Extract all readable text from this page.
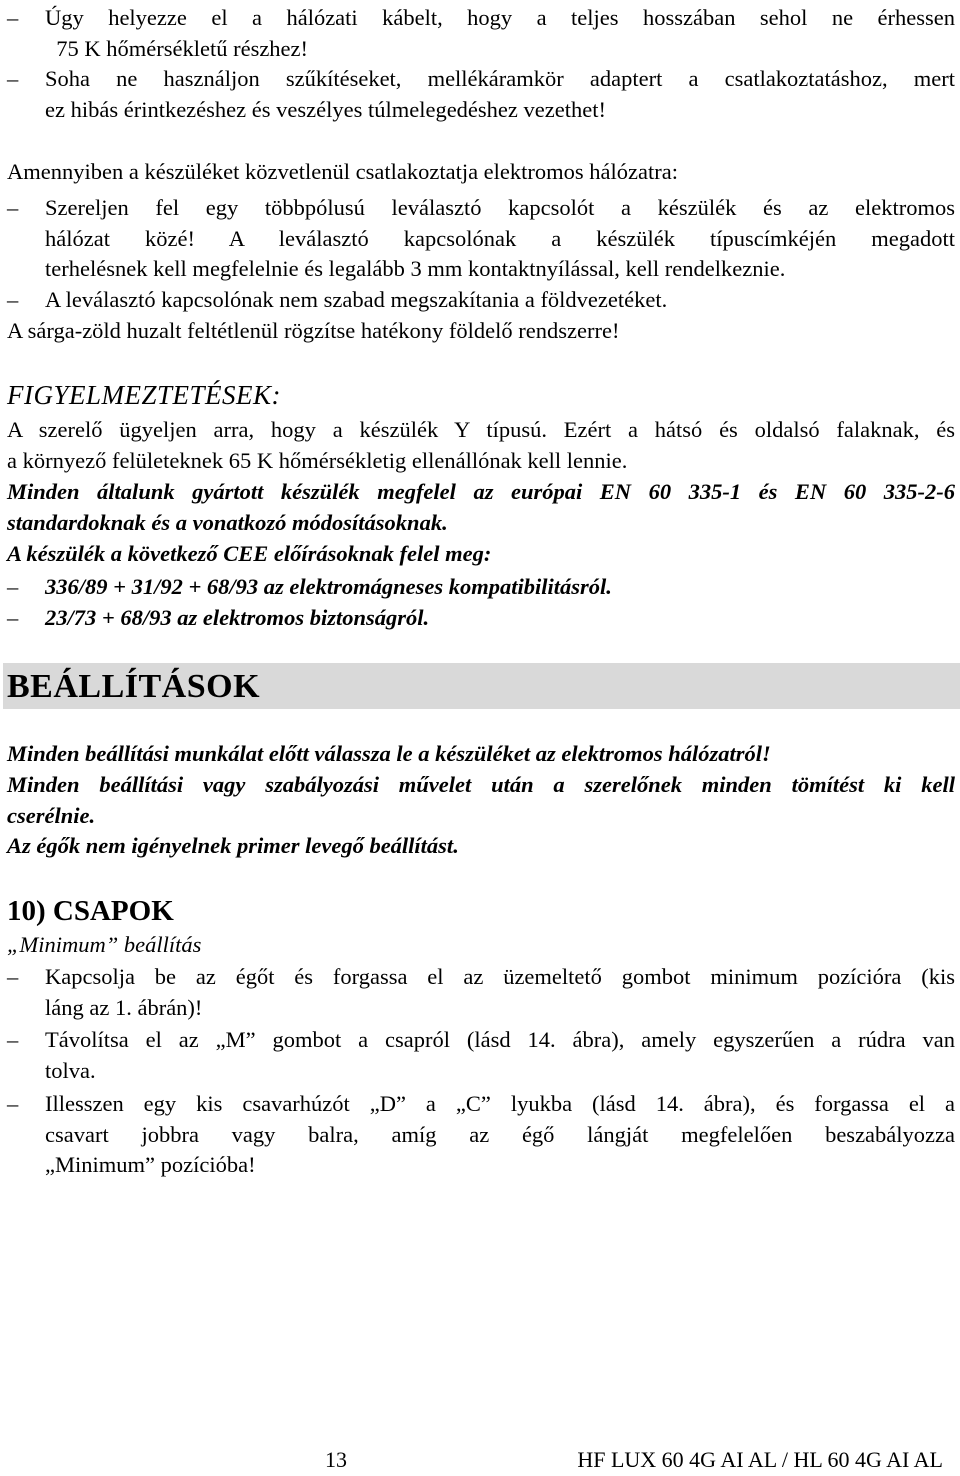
– Úgy helyezze el a hálózati kábelt, hogy a teljes hosszában sehol ne érhessen
75 K hőmérsékletű részhez!
– Soha ne használjon szűkítéseket, mellékáramkör adaptert a csatlakoztatáshoz, mert
ez hibás érintkezéshez és veszélyes túlmelegedéshez vezethet!
Amennyiben a készüléket közvetlenül csatlakoztatja elektromos hálózatra:
– Szereljen fel egy többpólusú leválasztó kapcsolót a készülék és az elektromos
hálózat közé! A leválasztó kapcsolónak a készülék típuscímkéjén megadott
terhelésnek kell megfelelnie és legalább 3 mm kontaktnyílással, kell rendelkeznie.
– A leválasztó kapcsolónak nem szabad megszakítania a földvezetéket.
A sárga-zöld huzalt feltétlenül rögzítse hatékony földelő rendszerre!
FIGYELMEZTETÉSEK:
A szerelő ügyeljen arra, hogy a készülék Y típusú. Ezért a hátsó és oldalsó falaknak, és
a környező felületeknek 65 K hőmérsékletig ellenállónak kell lennie.
Minden általunk gyártott készülék megfelel az európai EN 60 335-1 és EN 60 335-2-6
standardoknak és a vonatkozó módosításoknak.
A készülék a következő CEE előírásoknak felel meg:
– 336/89 + 31/92 + 68/93 az elektromágneses kompatibilitásról.
– 23/73 + 68/93 az elektromos biztonságról.
BEÁLLÍTÁSOK
Minden beállítási munkálat előtt válassza le a készüléket az elektromos hálózatról!
Minden beállítási vagy szabályozási művelet után a szerelőnek minden tömítést ki kell
cserélnie.
Az égők nem igényelnek primer levegő beállítást.
10) CSAPOK
„Minimum” beállítás
– Kapcsolja be az égőt és forgassa el az üzemeltető gombot minimum pozícióra (kis
láng az 1. ábrán)!
– Távolítsa el az „M” gombot a csapról (lásd 14. ábra), amely egyszerűen a rúdra van
tolva.
– Illesszen egy kis csavarhúzót „D” a „C” lyukba (lásd 14. ábra), és forgassa el a
csavart jobbra vagy balra, amíg az égő lángját megfelelően beszabályozza
„Minimum” pozícióba!
13	HF LUX 60 4G AI AL / HL 60 4G AI AL
